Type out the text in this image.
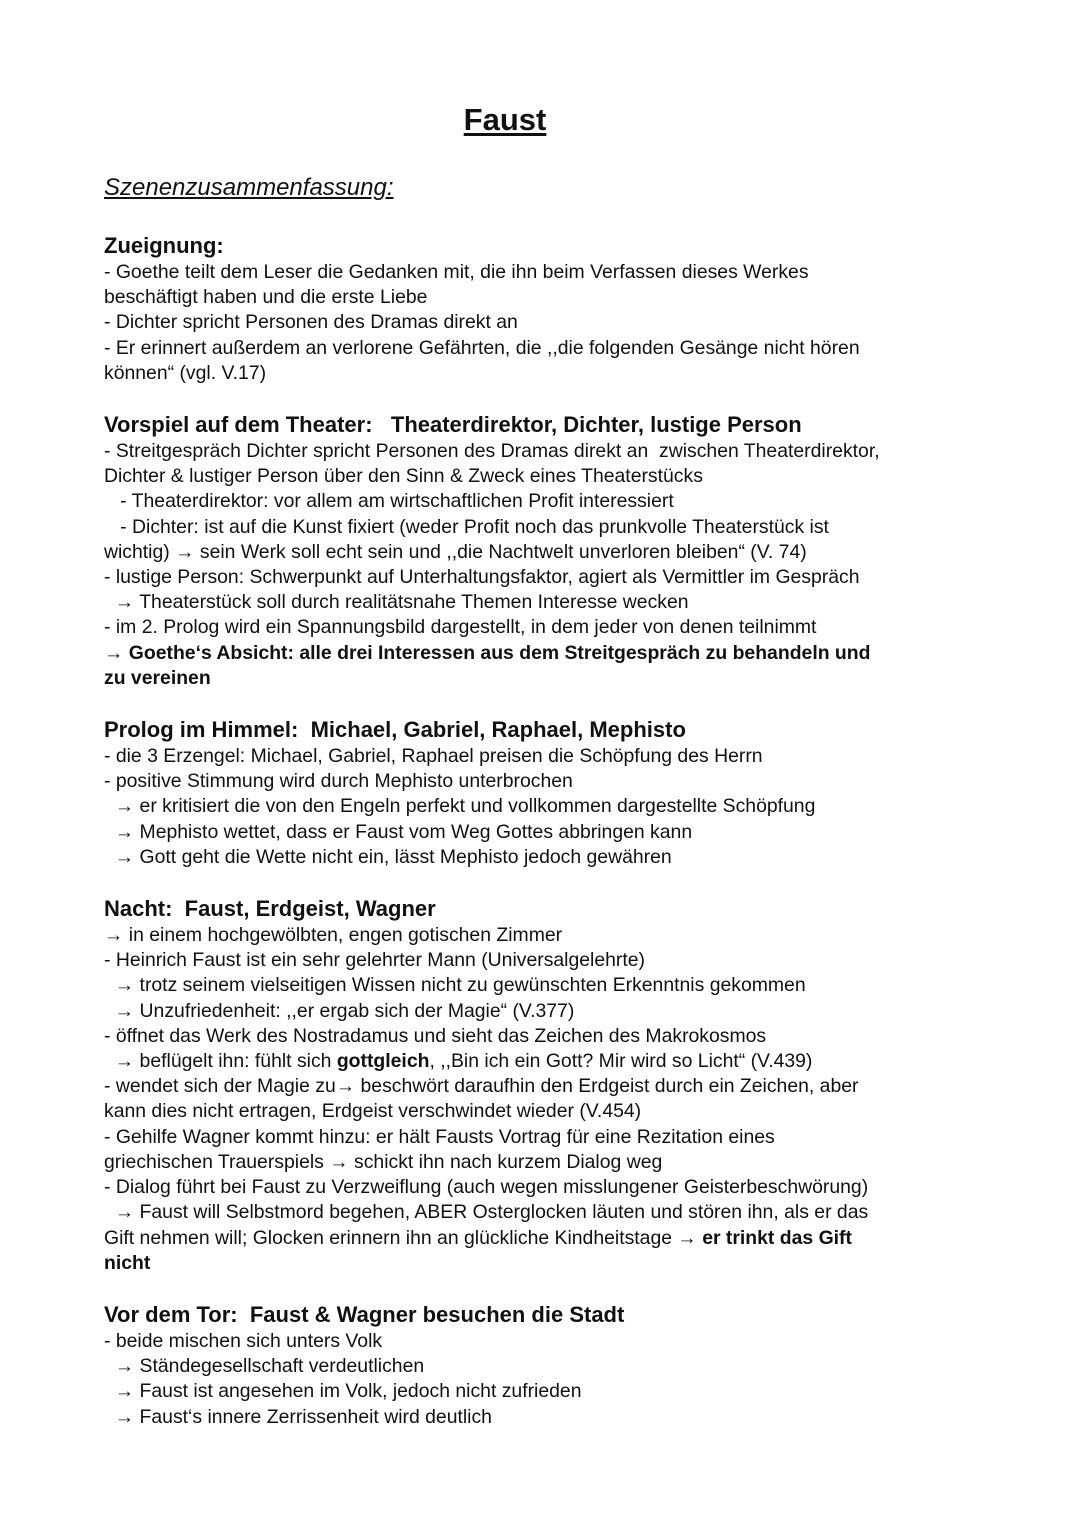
Faust
Szenenzusammenfassung:
Zueignung:
- Goethe teilt dem Leser die Gedanken mit, die ihn beim Verfassen dieses Werkes
beschäftigt haben und die erste Liebe
- Dichter spricht Personen des Dramas direkt an
- Er erinnert außerdem an verlorene Gefährten, die ,,die folgenden Gesänge nicht hören
können“ (vgl. V.17)
Vorspiel auf dem Theater:   Theaterdirektor, Dichter, lustige Person
- Streitgespräch Dichter spricht Personen des Dramas direkt an  zwischen Theaterdirektor,
Dichter & lustiger Person über den Sinn & Zweck eines Theaterstücks
- Theaterdirektor: vor allem am wirtschaftlichen Profit interessiert
- Dichter: ist auf die Kunst fixiert (weder Profit noch das prunkvolle Theaterstück ist
wichtig) → sein Werk soll echt sein und ,,die Nachtwelt unverloren bleiben“ (V. 74)
- lustige Person: Schwerpunkt auf Unterhaltungsfaktor, agiert als Vermittler im Gespräch
→ Theaterstück soll durch realitätsnahe Themen Interesse wecken
- im 2. Prolog wird ein Spannungsbild dargestellt, in dem jeder von denen teilnimmt
→ Goethe‘s Absicht: alle drei Interessen aus dem Streitgespräch zu behandeln und
zu vereinen
Prolog im Himmel:  Michael, Gabriel, Raphael, Mephisto
- die 3 Erzengel: Michael, Gabriel, Raphael preisen die Schöpfung des Herrn
- positive Stimmung wird durch Mephisto unterbrochen
→ er kritisiert die von den Engeln perfekt und vollkommen dargestellte Schöpfung
→ Mephisto wettet, dass er Faust vom Weg Gottes abbringen kann
→ Gott geht die Wette nicht ein, lässt Mephisto jedoch gewähren
Nacht:  Faust, Erdgeist, Wagner
→ in einem hochgewölbten, engen gotischen Zimmer
- Heinrich Faust ist ein sehr gelehrter Mann (Universalgelehrte)
→ trotz seinem vielseitigen Wissen nicht zu gewünschten Erkenntnis gekommen
→ Unzufriedenheit: ,,er ergab sich der Magie“ (V.377)
- öffnet das Werk des Nostradamus und sieht das Zeichen des Makrokosmos
→ beflügelt ihn: fühlt sich gottgleich, ,,Bin ich ein Gott? Mir wird so Licht“ (V.439)
- wendet sich der Magie zu→ beschwört daraufhin den Erdgeist durch ein Zeichen, aber
kann dies nicht ertragen, Erdgeist verschwindet wieder (V.454)
- Gehilfe Wagner kommt hinzu: er hält Fausts Vortrag für eine Rezitation eines
griechischen Trauerspiels → schickt ihn nach kurzem Dialog weg
- Dialog führt bei Faust zu Verzweiflung (auch wegen misslungener Geisterbeschwörung)
→ Faust will Selbstmord begehen, ABER Osterglocken läuten und stören ihn, als er das
Gift nehmen will; Glocken erinnern ihn an glückliche Kindheitstage → er trinkt das Gift
nicht
Vor dem Tor:  Faust & Wagner besuchen die Stadt
- beide mischen sich unters Volk
→ Ständegesellschaft verdeutlichen
→ Faust ist angesehen im Volk, jedoch nicht zufrieden
→ Faust‘s innere Zerrissenheit wird deutlich
